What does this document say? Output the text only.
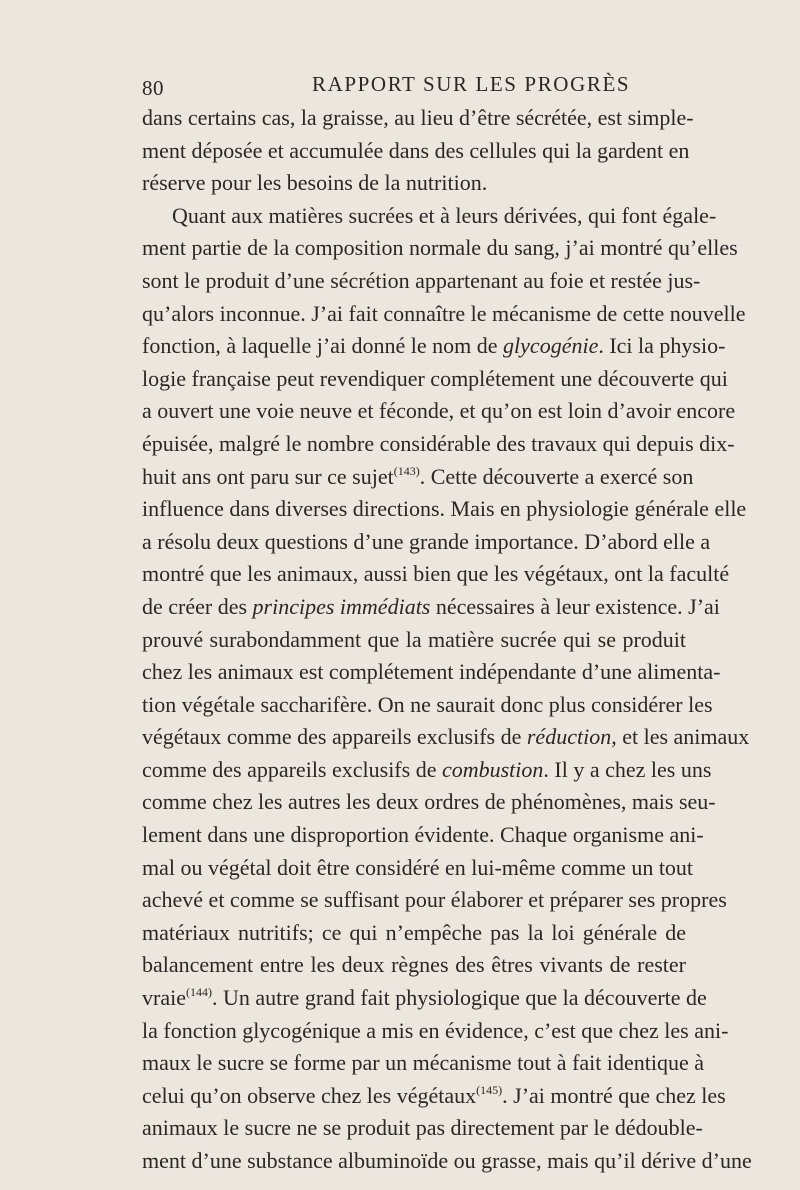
80	RAPPORT SUR LES PROGRÈS
dans certains cas, la graisse, au lieu d’être sécrétée, est simple-
ment déposée et accumulée dans des cellules qui la gardent en
réserve pour les besoins de la nutrition.
Quant aux matières sucrées et à leurs dérivées, qui font égale-
ment partie de la composition normale du sang, j’ai montré qu’elles
sont le produit d’une sécrétion appartenant au foie et restée jus-
qu’alors inconnue. J’ai fait connaître le mécanisme de cette nouvelle
fonction, à laquelle j’ai donné le nom de glycogénie. Ici la physio-
logie française peut revendiquer complétement une découverte qui
a ouvert une voie neuve et féconde, et qu’on est loin d’avoir encore
épuisée, malgré le nombre considérable des travaux qui depuis dix-
huit ans ont paru sur ce sujet$^{(143)}$. Cette découverte a exercé son
influence dans diverses directions. Mais en physiologie générale elle
a résolu deux questions d’une grande importance. D’abord elle a
montré que les animaux, aussi bien que les végétaux, ont la faculté
de créer des principes immédiats nécessaires à leur existence. J’ai
prouvé surabondamment que la matière sucrée qui se produit
chez les animaux est complétement indépendante d’une alimenta-
tion végétale saccharifère. On ne saurait donc plus considérer les
végétaux comme des appareils exclusifs de réduction, et les animaux
comme des appareils exclusifs de combustion. Il y a chez les uns
comme chez les autres les deux ordres de phénomènes, mais seu-
lement dans une disproportion évidente. Chaque organisme ani-
mal ou végétal doit être considéré en lui-même comme un tout
achevé et comme se suffisant pour élaborer et préparer ses propres
matériaux nutritifs; ce qui n’empêche pas la loi générale de
balancement entre les deux règnes des êtres vivants de rester
vraie$^{(144)}$. Un autre grand fait physiologique que la découverte de
la fonction glycogénique a mis en évidence, c’est que chez les ani-
maux le sucre se forme par un mécanisme tout à fait identique à
celui qu’on observe chez les végétaux$^{(145)}$. J’ai montré que chez les
animaux le sucre ne se produit pas directement par le dédouble-
ment d’une substance albuminoïde ou grasse, mais qu’il dérive d’une
